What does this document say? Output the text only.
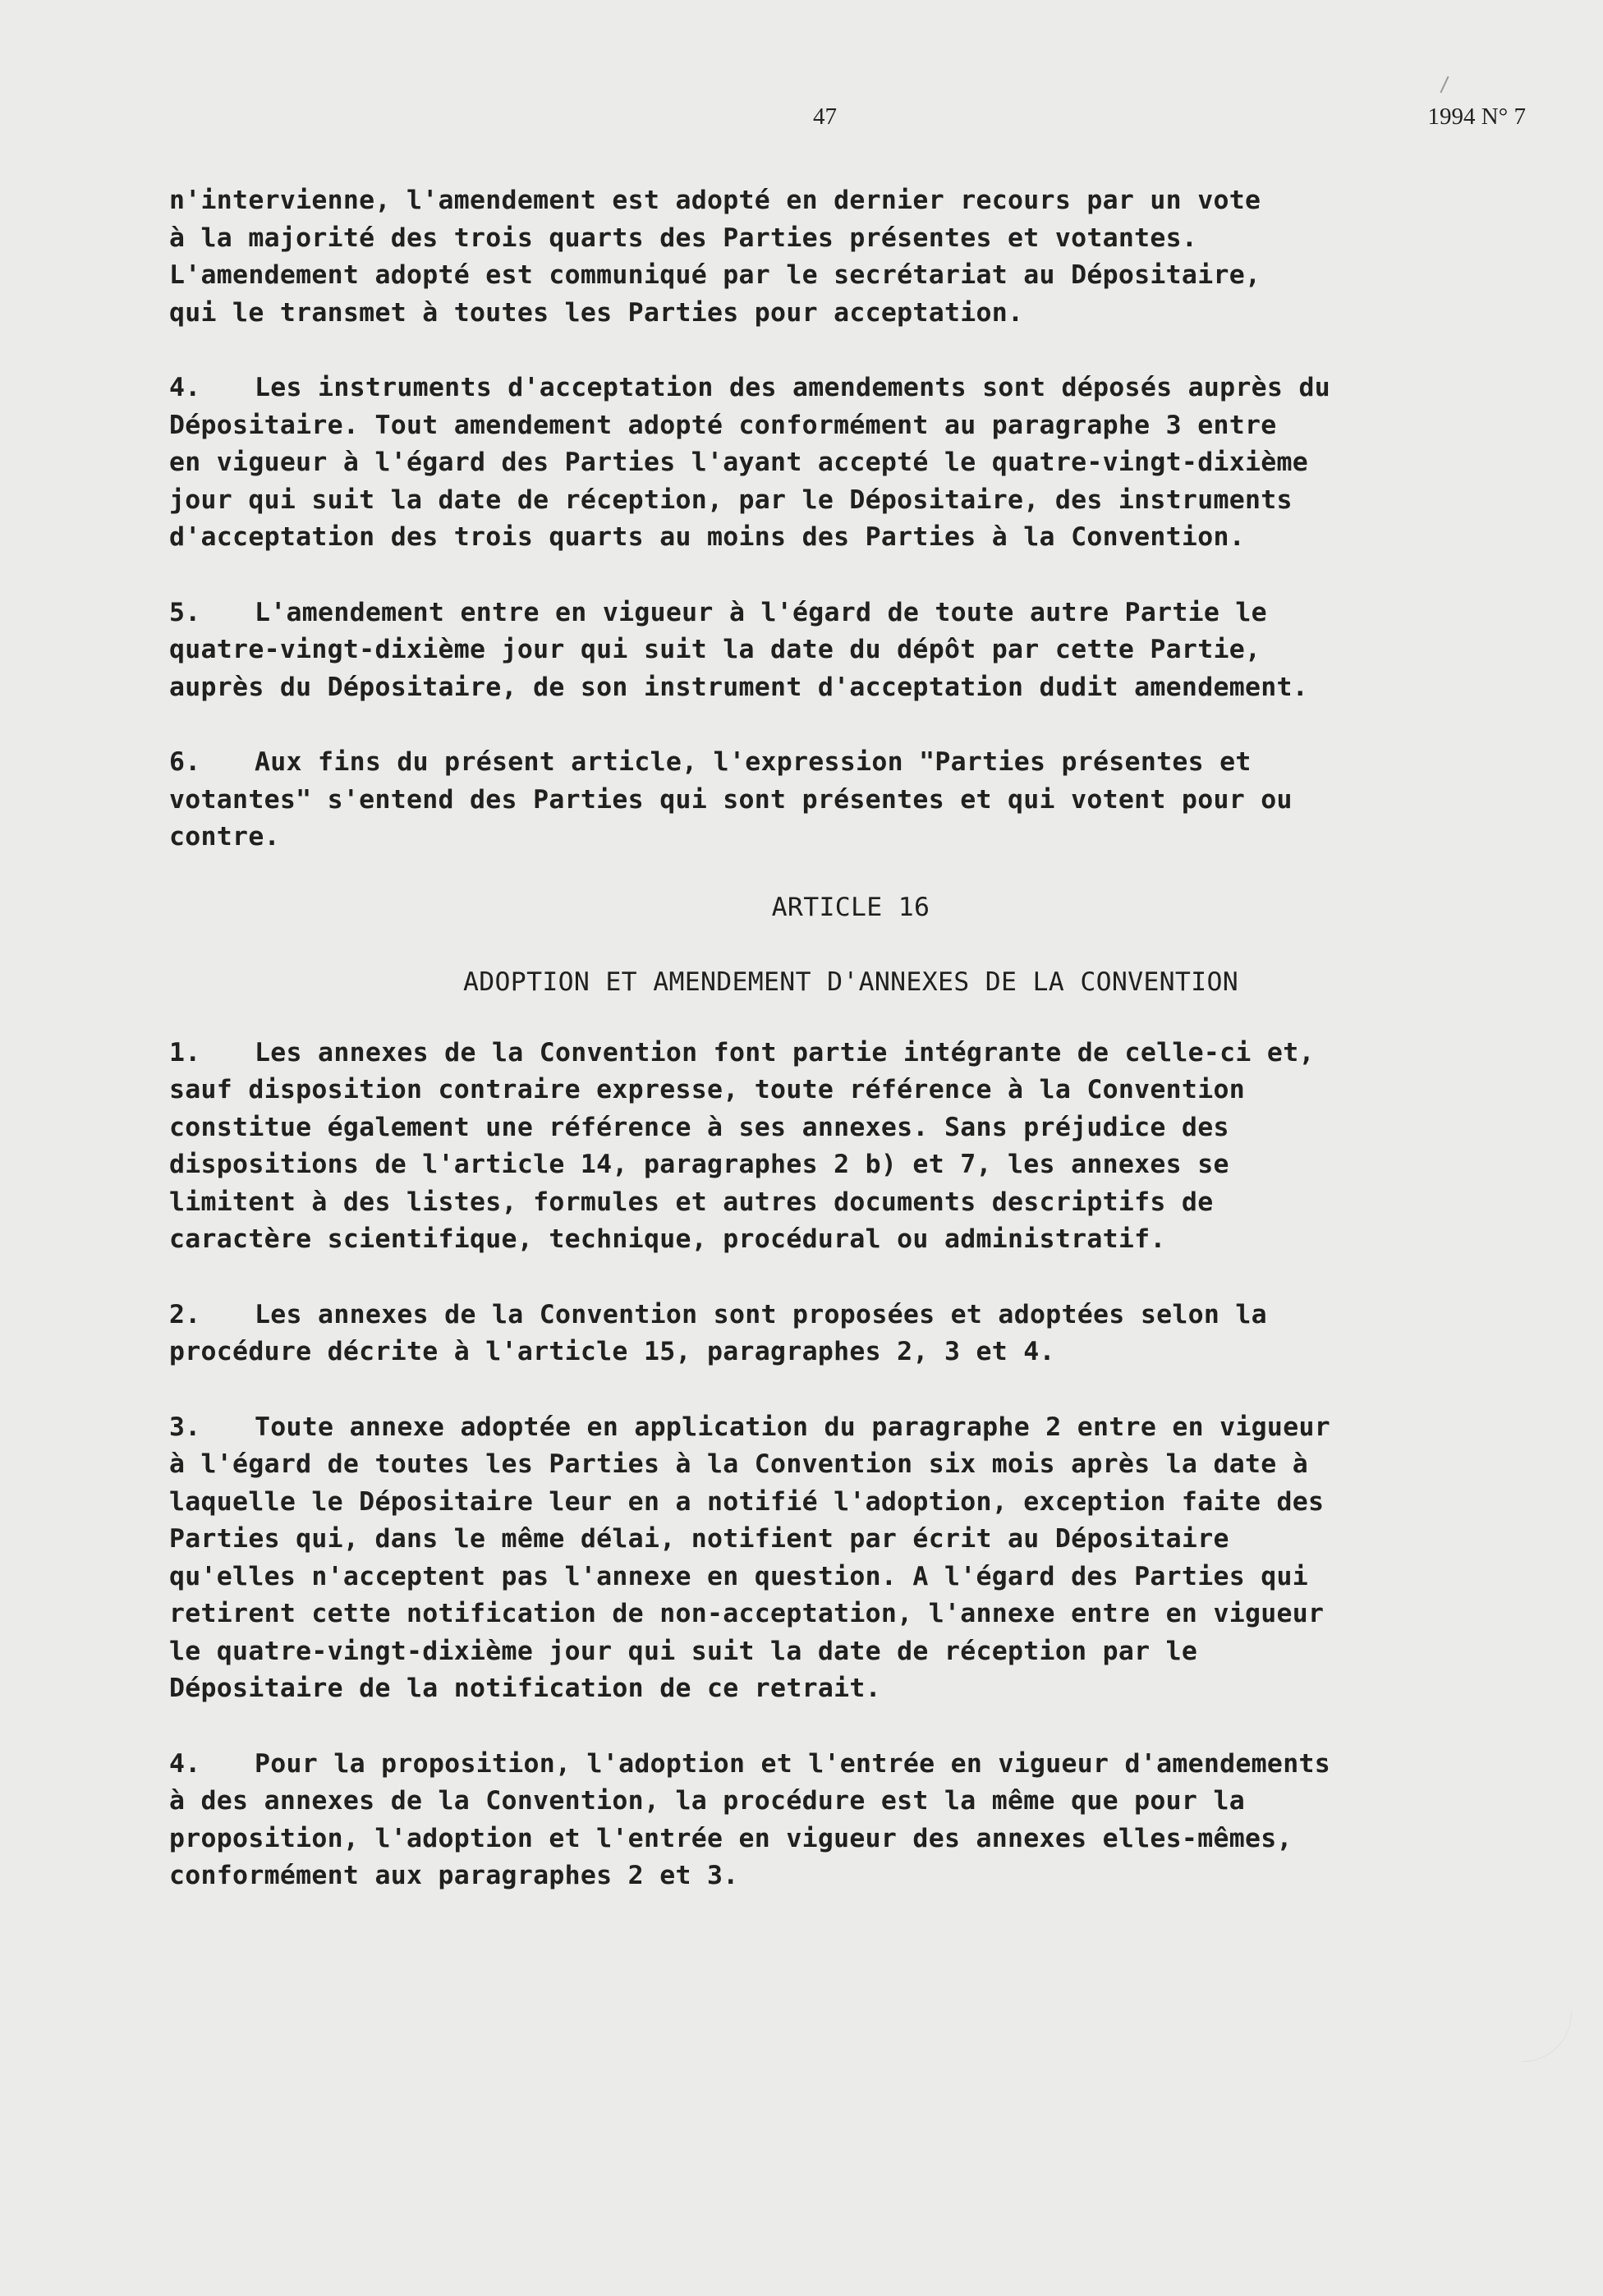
47	1994 N° 7

n'intervienne, l'amendement est adopté en dernier recours par un vote
à la majorité des trois quarts des Parties présentes et votantes.
L'amendement adopté est communiqué par le secrétariat au Dépositaire,
qui le transmet à toutes les Parties pour acceptation.

4. Les instruments d'acceptation des amendements sont déposés auprès du
Dépositaire. Tout amendement adopté conformément au paragraphe 3 entre
en vigueur à l'égard des Parties l'ayant accepté le quatre-vingt-dixième
jour qui suit la date de réception, par le Dépositaire, des instruments
d'acceptation des trois quarts au moins des Parties à la Convention.

5. L'amendement entre en vigueur à l'égard de toute autre Partie le
quatre-vingt-dixième jour qui suit la date du dépôt par cette Partie,
auprès du Dépositaire, de son instrument d'acceptation dudit amendement.

6. Aux fins du présent article, l'expression "Parties présentes et
votantes" s'entend des Parties qui sont présentes et qui votent pour ou
contre.

ARTICLE 16

ADOPTION ET AMENDEMENT D'ANNEXES DE LA CONVENTION

1. Les annexes de la Convention font partie intégrante de celle-ci et,
sauf disposition contraire expresse, toute référence à la Convention
constitue également une référence à ses annexes. Sans préjudice des
dispositions de l'article 14, paragraphes 2 b) et 7, les annexes se
limitent à des listes, formules et autres documents descriptifs de
caractère scientifique, technique, procédural ou administratif.

2. Les annexes de la Convention sont proposées et adoptées selon la
procédure décrite à l'article 15, paragraphes 2, 3 et 4.

3. Toute annexe adoptée en application du paragraphe 2 entre en vigueur
à l'égard de toutes les Parties à la Convention six mois après la date à
laquelle le Dépositaire leur en a notifié l'adoption, exception faite des
Parties qui, dans le même délai, notifient par écrit au Dépositaire
qu'elles n'acceptent pas l'annexe en question. A l'égard des Parties qui
retirent cette notification de non-acceptation, l'annexe entre en vigueur
le quatre-vingt-dixième jour qui suit la date de réception par le
Dépositaire de la notification de ce retrait.

4. Pour la proposition, l'adoption et l'entrée en vigueur d'amendements
à des annexes de la Convention, la procédure est la même que pour la
proposition, l'adoption et l'entrée en vigueur des annexes elles-mêmes,
conformément aux paragraphes 2 et 3.
